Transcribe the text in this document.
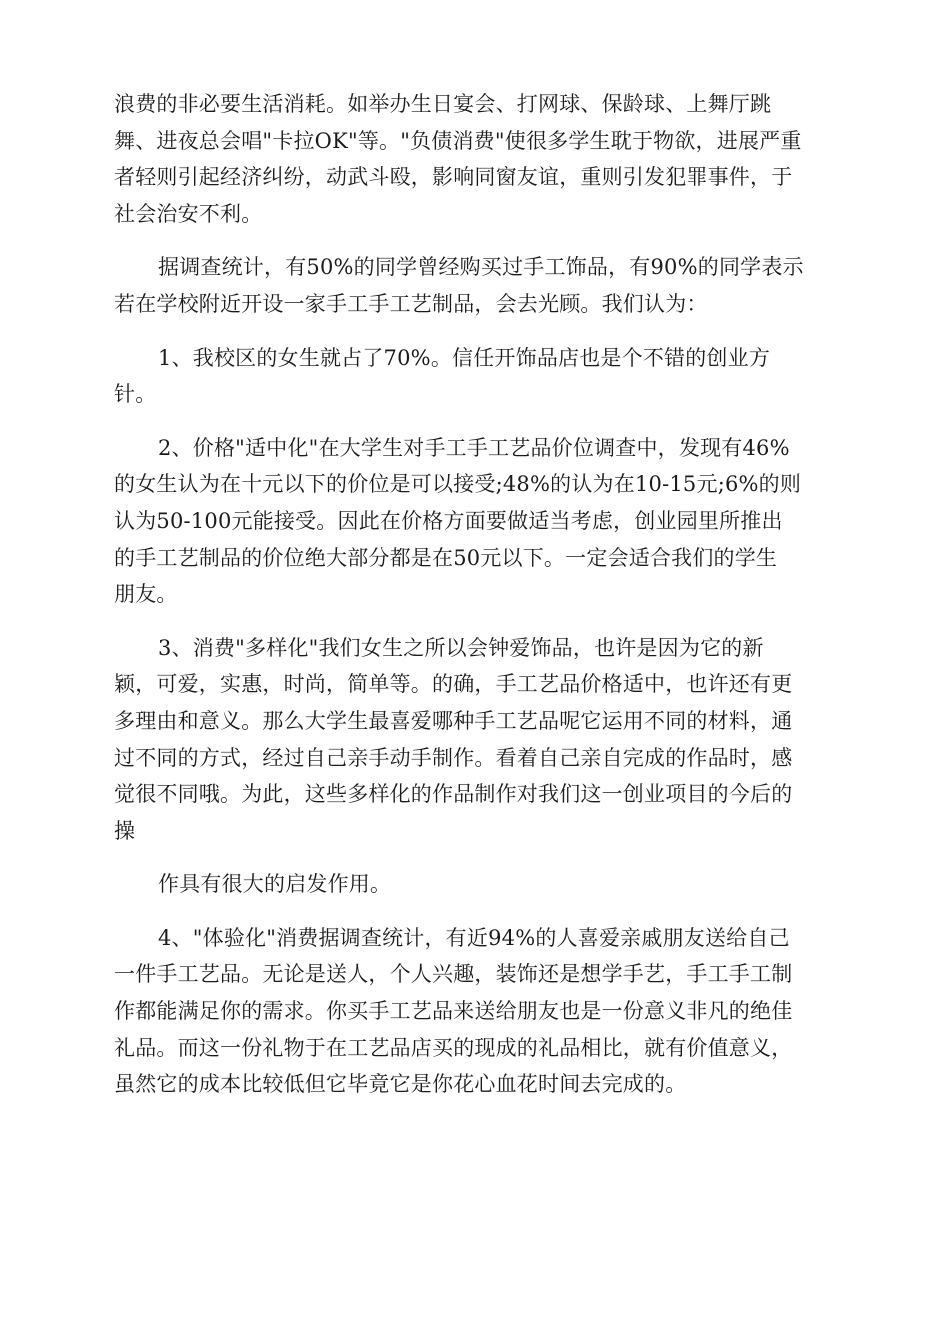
浪费的非必要生活消耗。如举办生日宴会、打网球、保龄球、上舞厅跳
舞、进夜总会唱"卡拉OK"等。"负债消费"使很多学生耽于物欲，进展严重
者轻则引起经济纠纷，动武斗殴，影响同窗友谊，重则引发犯罪事件，于
社会治安不利。
据调查统计，有50%的同学曾经购买过手工饰品，有90%的同学表示
若在学校附近开设一家手工手工艺制品，会去光顾。我们认为：
1、我校区的女生就占了70%。信任开饰品店也是个不错的创业方
针。
2、价格"适中化"在大学生对手工手工艺品价位调查中，发现有46%
的女生认为在十元以下的价位是可以接受;48%的认为在10-15元;6%的则
认为50-100元能接受。因此在价格方面要做适当考虑，创业园里所推出
的手工艺制品的价位绝大部分都是在50元以下。一定会适合我们的学生
朋友。
3、消费"多样化"我们女生之所以会钟爱饰品，也许是因为它的新
颖，可爱，实惠，时尚，简单等。的确，手工艺品价格适中，也许还有更
多理由和意义。那么大学生最喜爱哪种手工艺品呢它运用不同的材料，通
过不同的方式，经过自己亲手动手制作。看着自己亲自完成的作品时，感
觉很不同哦。为此，这些多样化的作品制作对我们这一创业项目的今后的
操
作具有很大的启发作用。
4、"体验化"消费据调查统计，有近94%的人喜爱亲戚朋友送给自己
一件手工艺品。无论是送人，个人兴趣，装饰还是想学手艺，手工手工制
作都能满足你的需求。你买手工艺品来送给朋友也是一份意义非凡的绝佳
礼品。而这一份礼物于在工艺品店买的现成的礼品相比，就有价值意义，
虽然它的成本比较低但它毕竟它是你花心血花时间去完成的。
